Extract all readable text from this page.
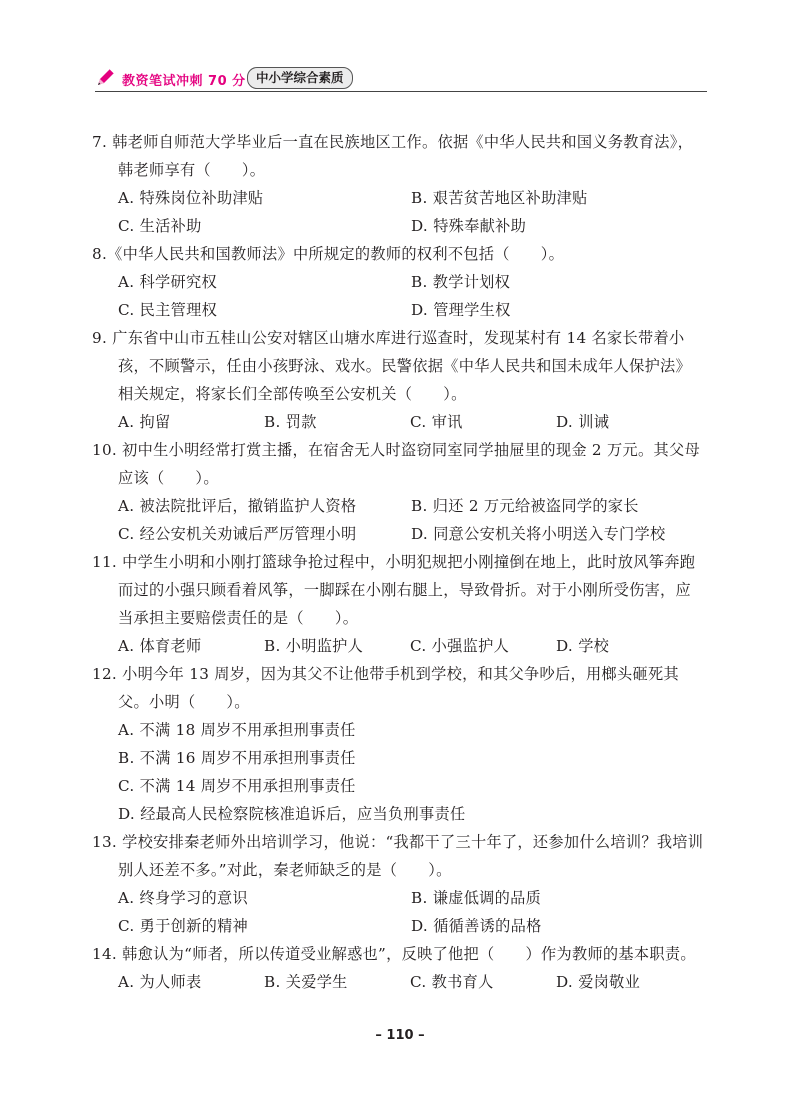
教资笔试冲刺 70 分 中小学综合素质
7. 韩老师自师范大学毕业后一直在民族地区工作。依据《中华人民共和国义务教育法》，韩老师享有（　　）。
A. 特殊岗位补助津贴	B. 艰苦贫苦地区补助津贴
C. 生活补助	D. 特殊奉献补助
8.《中华人民共和国教师法》中所规定的教师的权利不包括（　　）。
A. 科学研究权	B. 教学计划权
C. 民主管理权	D. 管理学生权
9. 广东省中山市五桂山公安对辖区山塘水库进行巡查时，发现某村有 14 名家长带着小孩，不顾警示，任由小孩野泳、戏水。民警依据《中华人民共和国未成年人保护法》相关规定，将家长们全部传唤至公安机关（　　）。
A. 拘留	B. 罚款	C. 审讯	D. 训诫
10. 初中生小明经常打赏主播，在宿舍无人时盗窃同室同学抽屉里的现金 2 万元。其父母应该（　　）。
A. 被法院批评后，撤销监护人资格	B. 归还 2 万元给被盗同学的家长
C. 经公安机关劝诫后严厉管理小明	D. 同意公安机关将小明送入专门学校
11. 中学生小明和小刚打篮球争抢过程中，小明犯规把小刚撞倒在地上，此时放风筝奔跑而过的小强只顾看着风筝，一脚踩在小刚右腿上，导致骨折。对于小刚所受伤害，应当承担主要赔偿责任的是（　　）。
A. 体育老师	B. 小明监护人	C. 小强监护人	D. 学校
12. 小明今年 13 周岁，因为其父不让他带手机到学校，和其父争吵后，用榔头砸死其父。小明（　　）。
A. 不满 18 周岁不用承担刑事责任
B. 不满 16 周岁不用承担刑事责任
C. 不满 14 周岁不用承担刑事责任
D. 经最高人民检察院核准追诉后，应当负刑事责任
13. 学校安排秦老师外出培训学习，他说：“我都干了三十年了，还参加什么培训？我培训别人还差不多。”对此，秦老师缺乏的是（　　）。
A. 终身学习的意识	B. 谦虚低调的品质
C. 勇于创新的精神	D. 循循善诱的品格
14. 韩愈认为“师者，所以传道受业解惑也”，反映了他把（　　）作为教师的基本职责。
A. 为人师表	B. 关爱学生	C. 教书育人	D. 爱岗敬业
– 110 –
